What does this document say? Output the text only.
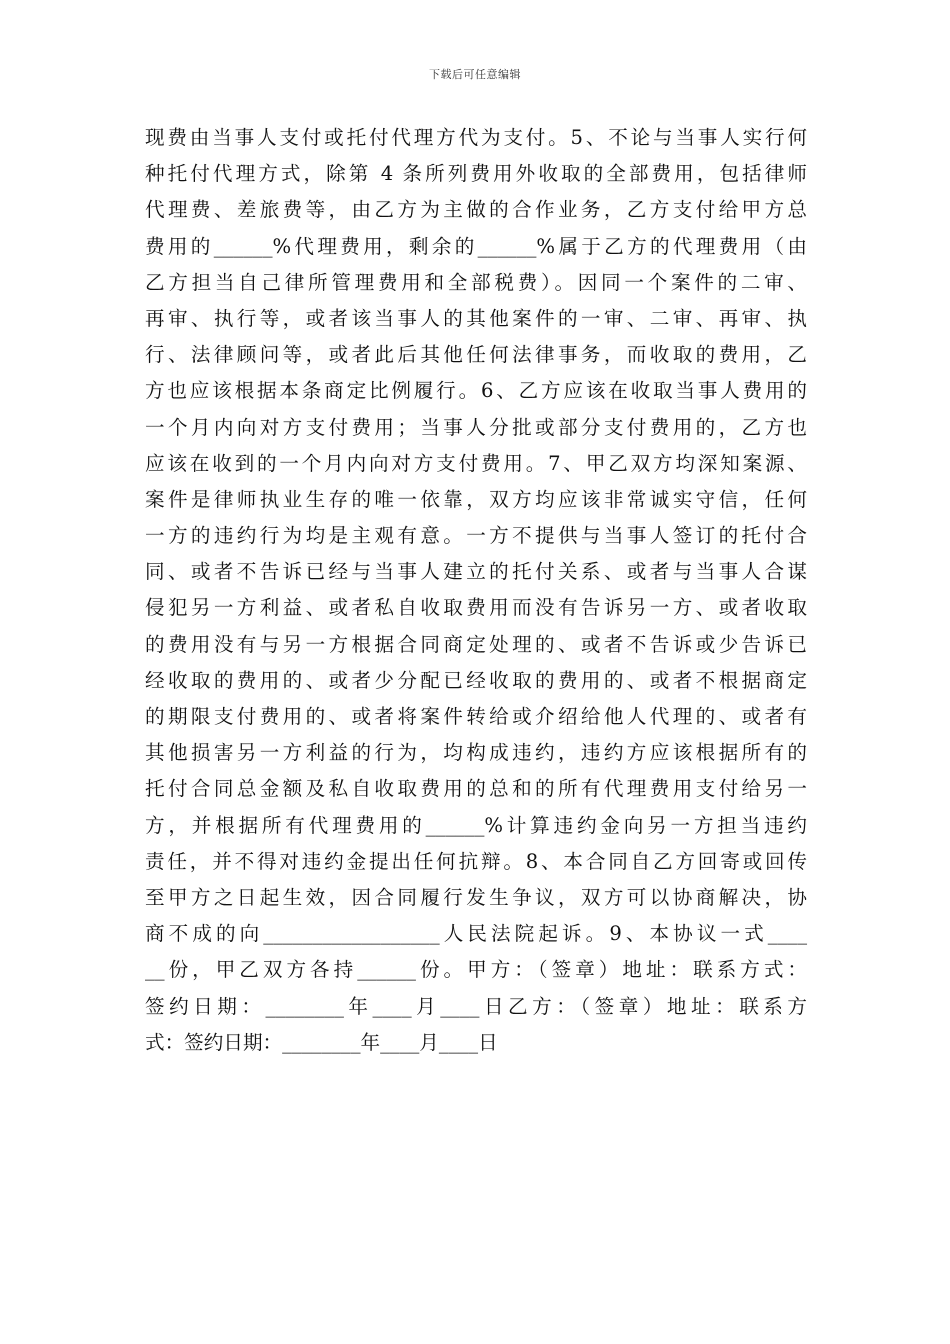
下载后可任意编辑
现费由当事人支付或托付代理方代为支付。5、不论与当事人实行何
种托付代理方式，除第 4 条所列费用外收取的全部费用，包括律师
代理费、差旅费等，由乙方为主做的合作业务，乙方支付给甲方总
费用的______%代理费用，剩余的______%属于乙方的代理费用（由
乙方担当自己律所管理费用和全部税费）。因同一个案件的二审、
再审、执行等，或者该当事人的其他案件的一审、二审、再审、执
行、法律顾问等，或者此后其他任何法律事务，而收取的费用，乙
方也应该根据本条商定比例履行。6、乙方应该在收取当事人费用的
一个月内向对方支付费用；当事人分批或部分支付费用的，乙方也
应该在收到的一个月内向对方支付费用。7、甲乙双方均深知案源、
案件是律师执业生存的唯一依靠，双方均应该非常诚实守信，任何
一方的违约行为均是主观有意。一方不提供与当事人签订的托付合
同、或者不告诉已经与当事人建立的托付关系、或者与当事人合谋
侵犯另一方利益、或者私自收取费用而没有告诉另一方、或者收取
的费用没有与另一方根据合同商定处理的、或者不告诉或少告诉已
经收取的费用的、或者少分配已经收取的费用的、或者不根据商定
的期限支付费用的、或者将案件转给或介绍给他人代理的、或者有
其他损害另一方利益的行为，均构成违约，违约方应该根据所有的
托付合同总金额及私自收取费用的总和的所有代理费用支付给另一
方，并根据所有代理费用的______%计算违约金向另一方担当违约
责任，并不得对违约金提出任何抗辩。8、本合同自乙方回寄或回传
至甲方之日起生效，因合同履行发生争议，双方可以协商解决，协
商不成的向__________________人民法院起诉。9、本协议一式____
__份，甲乙双方各持______份。甲方：（签章）地址：联系方式：
签约日期：________年____月____日乙方：（签章）地址：联系方
式：签约日期：________年____月____日
